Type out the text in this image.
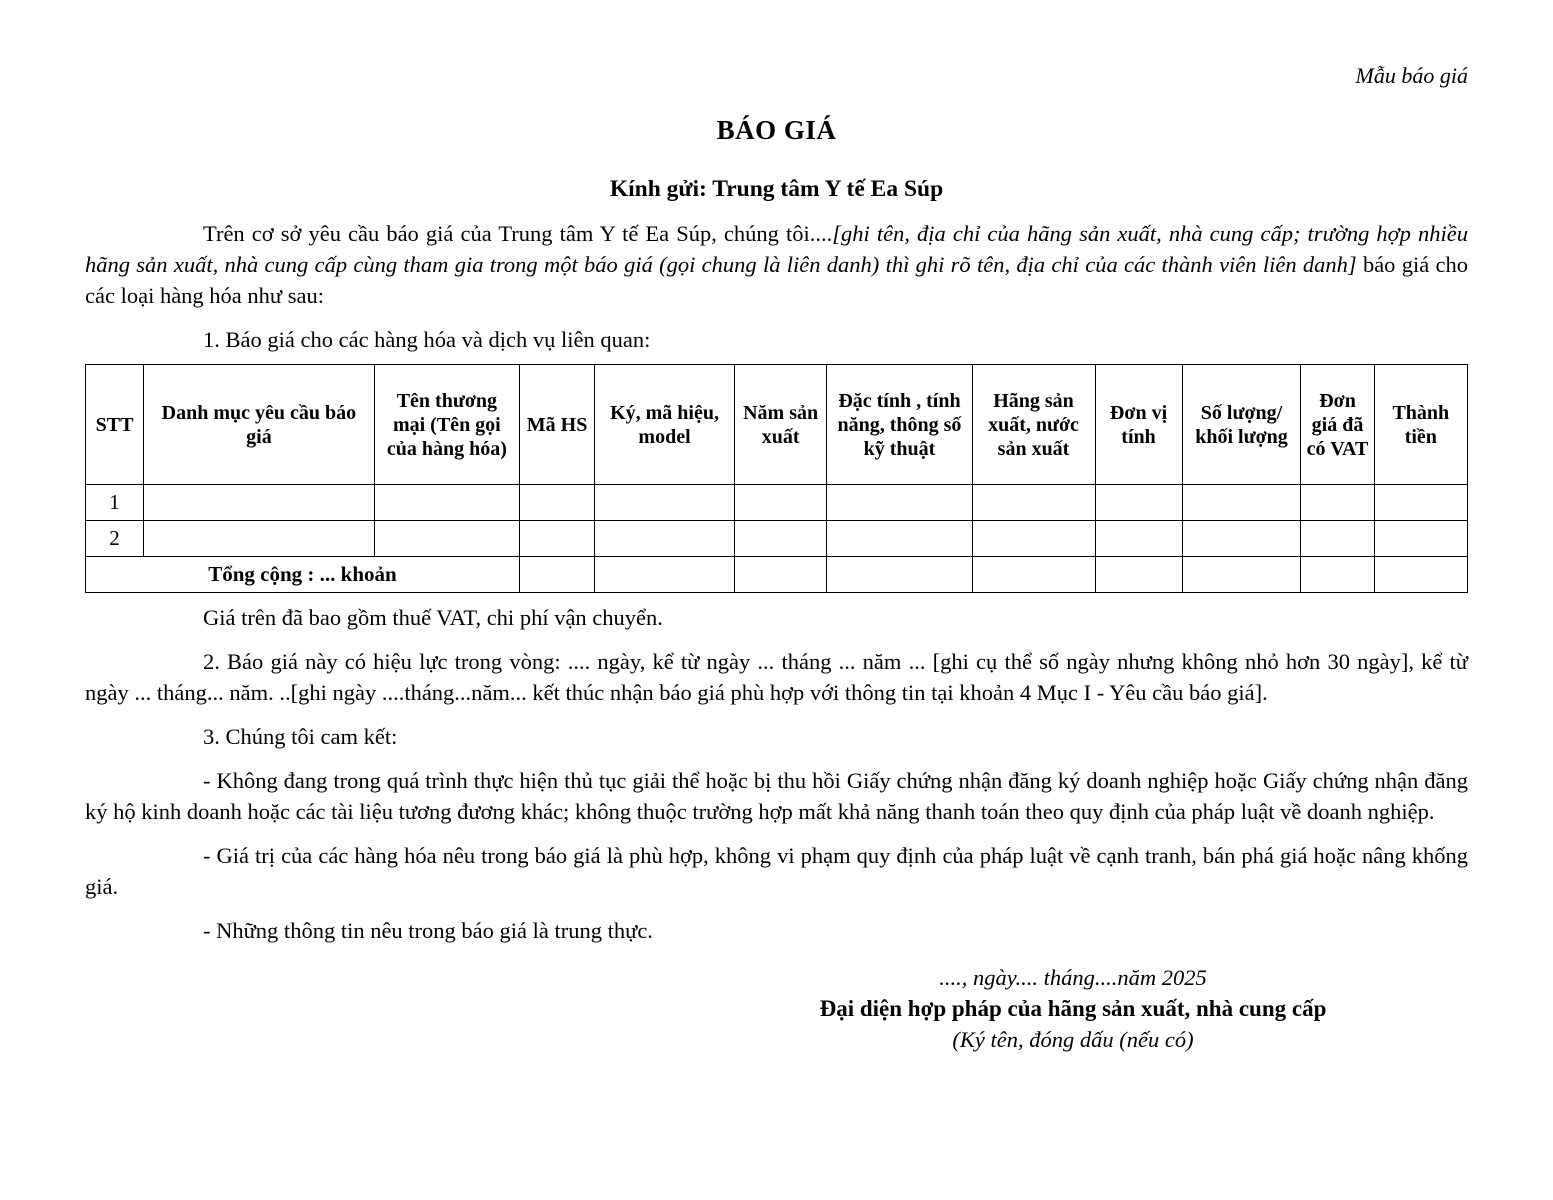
Mẫu báo giá
BÁO GIÁ
Kính gửi: Trung tâm Y tế Ea Súp

Trên cơ sở yêu cầu báo giá của Trung tâm Y tế Ea Súp, chúng tôi....[ghi tên, địa chỉ của hãng sản xuất, nhà cung cấp; trường hợp nhiều hãng sản xuất, nhà cung cấp cùng tham gia trong một báo giá (gọi chung là liên danh) thì ghi rõ tên, địa chỉ của các thành viên liên danh] báo giá cho các loại hàng hóa như sau:

1. Báo giá cho các hàng hóa và dịch vụ liên quan:

STT	Danh mục yêu cầu báo giá	Tên thương mại (Tên gọi của hàng hóa)	Mã HS	Ký, mã hiệu, model	Năm sản xuất	Đặc tính , tính năng, thông số kỹ thuật	Hãng sản xuất, nước sản xuất	Đơn vị tính	Số lượng/ khối lượng	Đơn giá đã có VAT	Thành tiền
1											
2											
Tổng cộng : ... khoản											

Giá trên đã bao gồm thuế VAT, chi phí vận chuyển.

2. Báo giá này có hiệu lực trong vòng: .... ngày, kể từ ngày ... tháng ... năm ... [ghi cụ thể số ngày nhưng không nhỏ hơn 30 ngày], kể từ ngày ... tháng... năm. ..[ghi ngày ....tháng...năm... kết thúc nhận báo giá phù hợp với thông tin tại khoản 4 Mục I - Yêu cầu báo giá].

3. Chúng tôi cam kết:

- Không đang trong quá trình thực hiện thủ tục giải thể hoặc bị thu hồi Giấy chứng nhận đăng ký doanh nghiệp hoặc Giấy chứng nhận đăng ký hộ kinh doanh hoặc các tài liệu tương đương khác; không thuộc trường hợp mất khả năng thanh toán theo quy định của pháp luật về doanh nghiệp.

- Giá trị của các hàng hóa nêu trong báo giá là phù hợp, không vi phạm quy định của pháp luật về cạnh tranh, bán phá giá hoặc nâng khống giá.

- Những thông tin nêu trong báo giá là trung thực.

...., ngày.... tháng....năm 2025
Đại diện hợp pháp của hãng sản xuất, nhà cung cấp
(Ký tên, đóng dấu (nếu có)
